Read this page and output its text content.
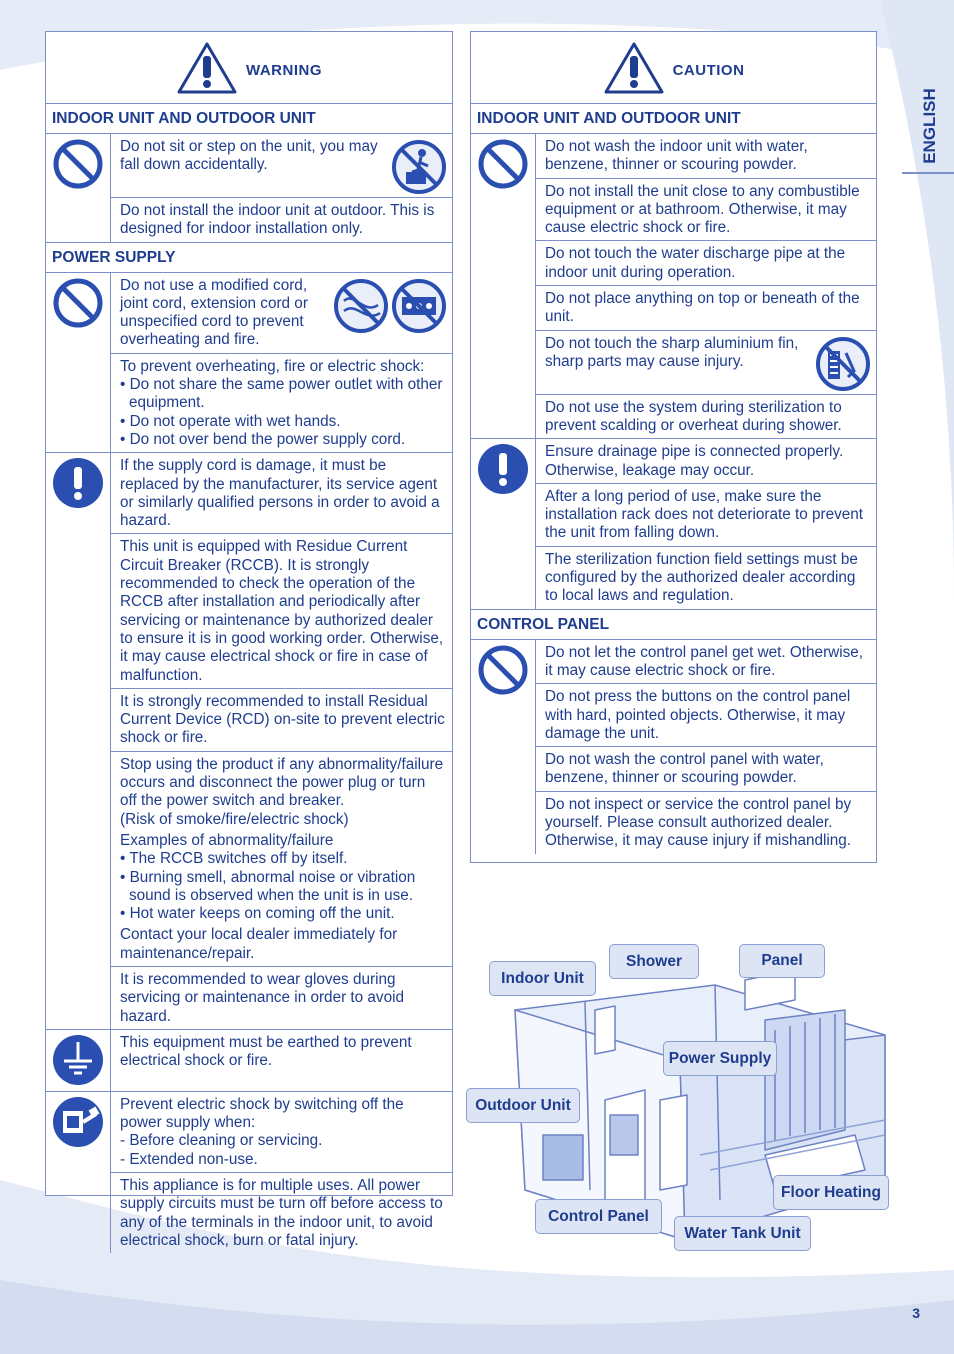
WARNING
INDOOR UNIT AND OUTDOOR UNIT

Do not sit or step on the unit, you may fall down accidentally.

Do not install the indoor unit at outdoor. This is designed for indoor installation only.

POWER SUPPLY

Do not use a modified cord, joint cord, extension cord or unspecified cord to prevent overheating and fire.

To prevent overheating, fire or electric shock:

• Do not share the same power outlet with other equipment.

• Do not operate with wet hands.

• Do not over bend the power supply cord.

If the supply cord is damage, it must be replaced by the manufacturer, its service agent or similarly qualified persons in order to avoid a hazard.

This unit is equipped with Residue Current Circuit Breaker (RCCB). It is strongly recommended to check the operation of the RCCB after installation and periodically after servicing or maintenance by authorized dealer to ensure it is in good working order. Otherwise, it may cause electrical shock or fire in case of malfunction.

It is strongly recommended to install Residual Current Device (RCD) on-site to prevent electric shock or fire.

Stop using the product if any abnormality/failure occurs and disconnect the power plug or turn off the power switch and breaker.

(Risk of smoke/fire/electric shock)

Examples of abnormality/failure

• The RCCB switches off by itself.

• Burning smell, abnormal noise or vibration sound is observed when the unit is in use.

• Hot water keeps on coming off the unit.

Contact your local dealer immediately for maintenance/repair.

It is recommended to wear gloves during servicing or maintenance in order to avoid hazard.

This equipment must be earthed to prevent electrical shock or fire.

Prevent electric shock by switching off the power supply when:

- Before cleaning or servicing.

- Extended non-use.

This appliance is for multiple uses. All power supply circuits must be turn off before access to any of the terminals in the indoor unit, to avoid electrical shock, burn or fatal injury.

CAUTION
INDOOR UNIT AND OUTDOOR UNIT

Do not wash the indoor unit with water, benzene, thinner or scouring powder.

Do not install the unit close to any combustible equipment or at bathroom. Otherwise, it may cause electric shock or fire.

Do not touch the water discharge pipe at the indoor unit during operation.

Do not place anything on top or beneath of the unit.

Do not touch the sharp aluminium fin, sharp parts may cause injury.

Do not use the system during sterilization to prevent scalding or overheat during shower.

Ensure drainage pipe is connected properly. Otherwise, leakage may occur.

After a long period of use, make sure the installation rack does not deteriorate to prevent the unit from falling down.

The sterilization function field settings must be configured by the authorized dealer according to local laws and regulation.

CONTROL PANEL

Do not let the control panel get wet. Otherwise, it may cause electric shock or fire.

Do not press the buttons on the control panel with hard, pointed objects. Otherwise, it may damage the unit.

Do not wash the control panel with water, benzene, thinner or scouring powder.

Do not inspect or service the control panel by yourself. Please consult authorized dealer. Otherwise, it may cause injury if mishandling.

ENGLISH
Indoor Unit
Shower	Panel
Power Supply
Outdoor Unit
Floor Heating
Control Panel
Water Tank Unit
3
